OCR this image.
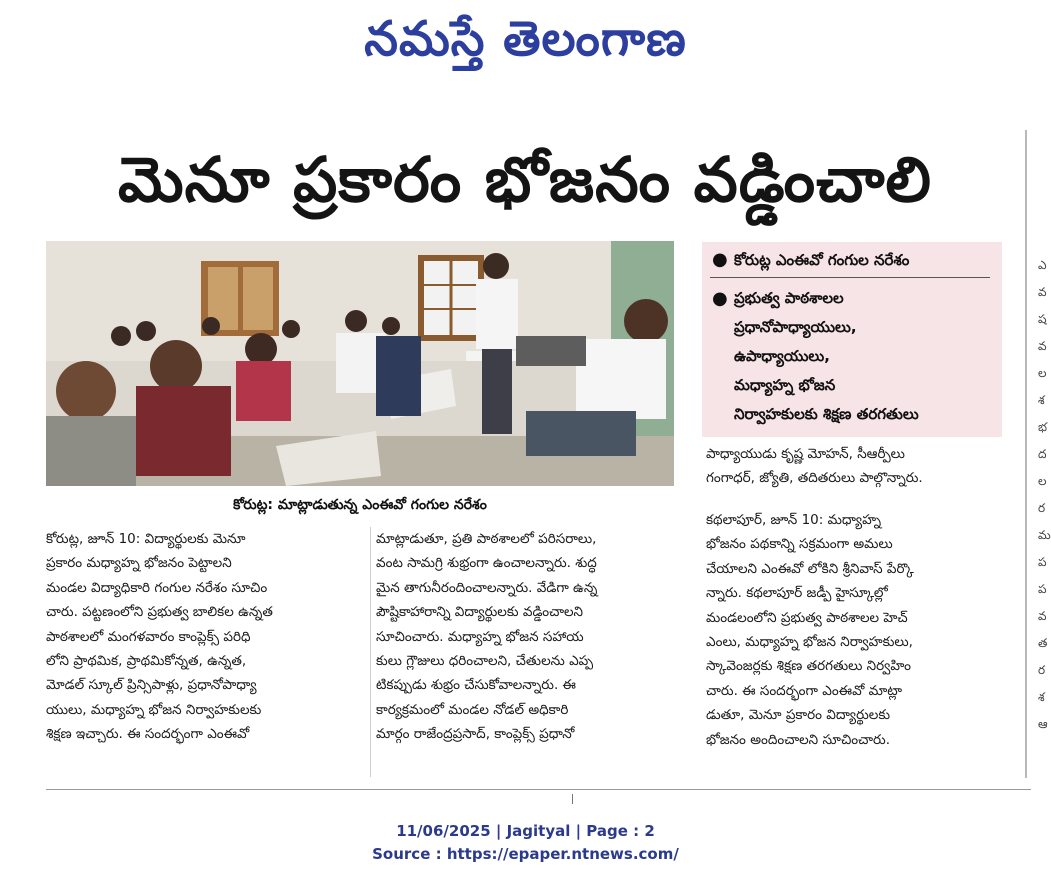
నమస్తే తెలంగాణ
మెనూ ప్రకారం భోజనం వడ్డించాలి
ఎ
వ
ష
వ
ల
శ
భ
ద
ల
ర
మ
ప
ప
వ
త
ర
శ
ఆ
కోరుట్ల: మాట్లాడుతున్న ఎంఈవో గంగుల నరేశం
● కోరుట్ల ఎంఈవో గంగుల నరేశం
● ప్రభుత్వ పాఠశాలల
ప్రధానోపాధ్యాయులు,
ఉపాధ్యాయులు,
మధ్యాహ్న భోజన
నిర్వాహకులకు శిక్షణ తరగతులు
కోరుట్ల, జూన్ 10: విద్యార్థులకు మెనూ
ప్రకారం మధ్యాహ్న భోజనం పెట్టాలని
మండల విద్యాధికారి గంగుల నరేశం సూచిం
చారు. పట్టణంలోని ప్రభుత్వ బాలికల ఉన్నత
పాఠశాలలో మంగళవారం కాంప్లెక్స్ పరిధి
లోని ప్రాథమిక, ప్రాథమికోన్నత, ఉన్నత,
మోడల్ స్కూల్ ప్రిన్సిపాళ్లు, ప్రధానోపాధ్యా
యులు, మధ్యాహ్న భోజన నిర్వాహకులకు
శిక్షణ ఇచ్చారు. ఈ సందర్భంగా ఎంఈవో
మాట్లాడుతూ, ప్రతి పాఠశాలలో పరిసరాలు,
వంట సామగ్రి శుభ్రంగా ఉంచాలన్నారు. శుద్ధ
మైన తాగునీరందించాలన్నారు. వేడిగా ఉన్న
పౌష్టికాహారాన్ని విద్యార్థులకు వడ్డించాలని
సూచించారు. మధ్యాహ్న భోజన సహాయ
కులు గ్లౌజులు ధరించాలని, చేతులను ఎప్ప
టికప్పుడు శుభ్రం చేసుకోవాలన్నారు. ఈ
కార్యక్రమంలో మండల నోడల్ అధికారి
మార్గం రాజేంద్రప్రసాద్, కాంప్లెక్స్ ప్రధానో
పాధ్యాయుడు కృష్ణ మోహన్, సీఆర్పీలు
గంగాధర్, జ్యోతి, తదితరులు పాల్గొన్నారు.
కథలాపూర్, జూన్ 10: మధ్యాహ్న
భోజనం పథకాన్ని సక్రమంగా అమలు
చేయాలని ఎంఈవో లోకిని శ్రీనివాస్ పేర్కొ
న్నారు. కథలాపూర్ జడ్పీ హైస్కూల్లో
మండలంలోని ప్రభుత్వ పాఠశాలల హెచ్
ఎంలు, మధ్యాహ్న భోజన నిర్వాహకులు,
స్కావెంజర్లకు శిక్షణ తరగతులు నిర్వహిం
చారు. ఈ సందర్భంగా ఎంఈవో మాట్లా
డుతూ, మెనూ ప్రకారం విద్యార్థులకు
భోజనం అందించాలని సూచించారు.
11/06/2025 | Jagityal | Page : 2
Source : https://epaper.ntnews.com/
